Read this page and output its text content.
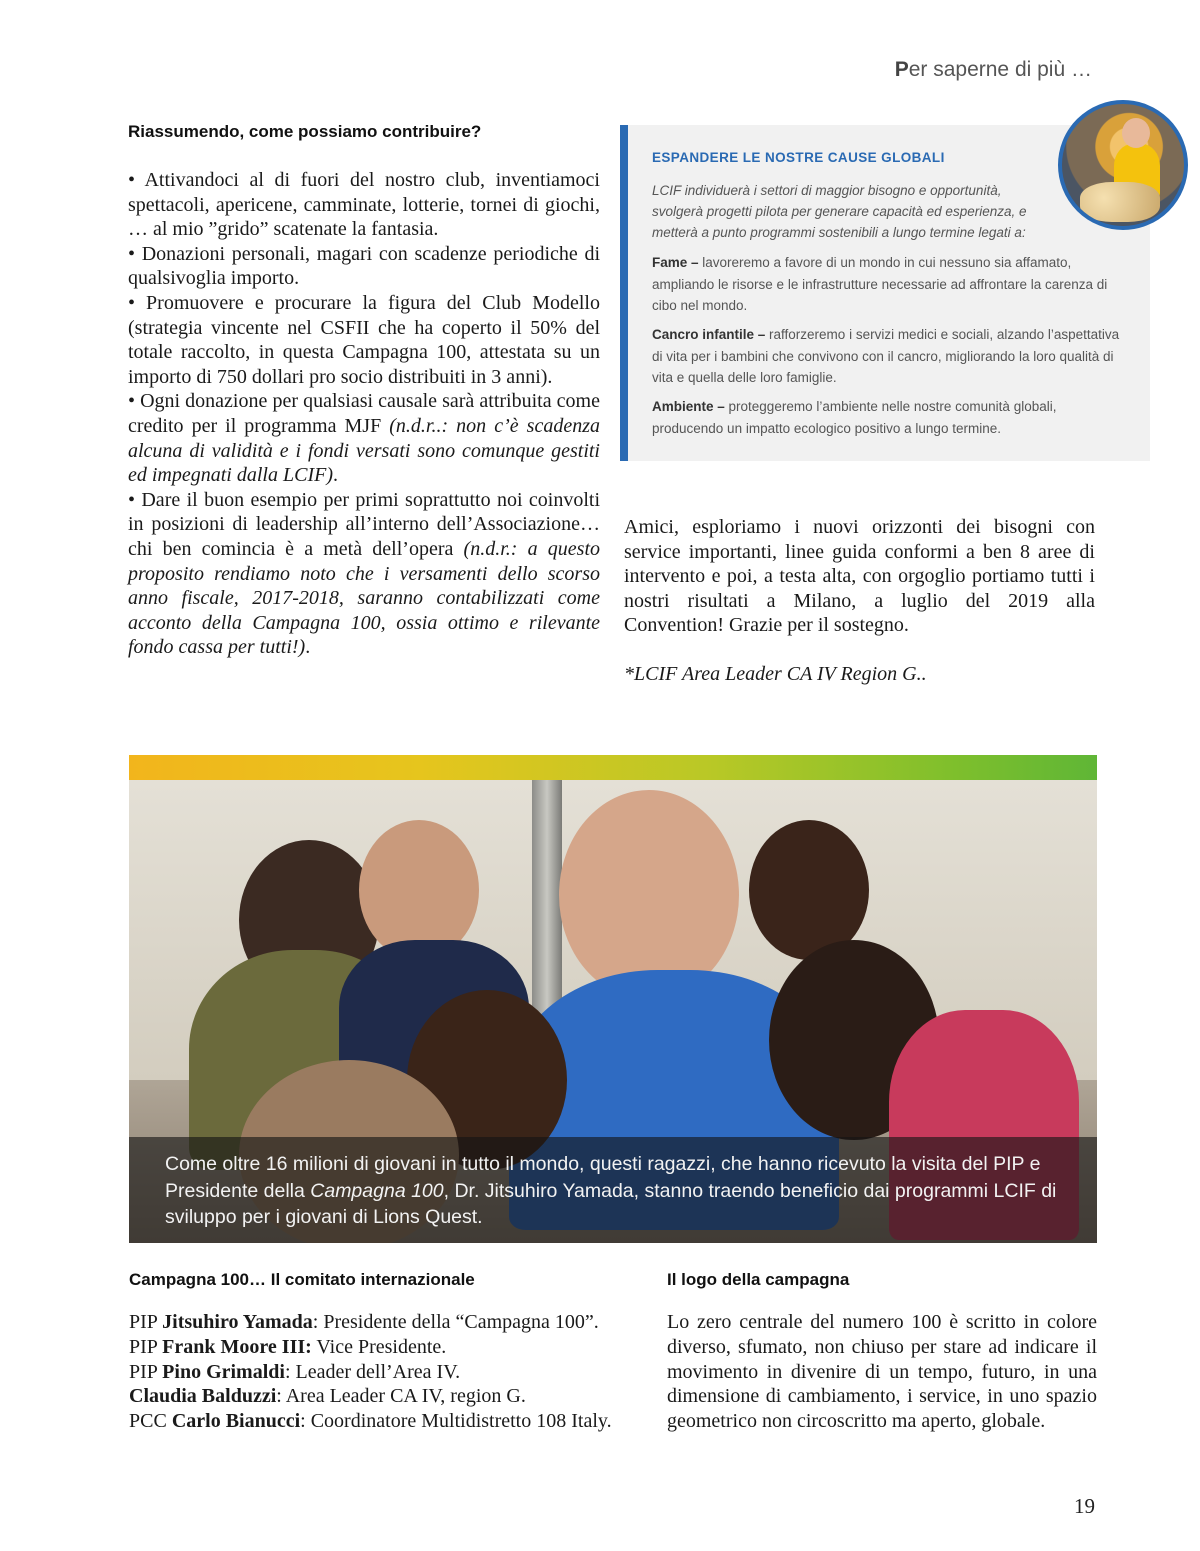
Per saperne di più …
Riassumendo, come possiamo contribuire?

• Attivandoci al di fuori del nostro club, inventiamoci spettacoli, apericene, camminate, lotterie, tornei di giochi, … al mio ”grido” scatenate la fantasia.

• Donazioni personali, magari con scadenze periodiche di qualsivoglia importo.

• Promuovere e procurare la figura del Club Modello (strategia vincente nel CSFII che ha coperto il 50% del totale raccolto, in questa Campagna 100, attestata su un importo di 750 dollari pro socio distribuiti in 3 anni).

• Ogni donazione per qualsiasi causale sarà attribuita come credito per il programma MJF (n.d.r..: non c’è scadenza alcuna di validità e i fondi versati sono comunque gestiti ed impegnati dalla LCIF).

• Dare il buon esempio per primi soprattutto noi coinvolti in posizioni di leadership all’interno dell’Associazione… chi ben comincia è a metà dell’opera (n.d.r.: a questo proposito rendiamo noto che i versamenti dello scorso anno fiscale, 2017-2018, saranno contabilizzati come acconto della Campagna 100, ossia ottimo e rilevante fondo cassa per tutti!).

ESPANDERE LE NOSTRE CAUSE GLOBALI
LCIF individuerà i settori di maggior bisogno e opportunità, svolgerà progetti pilota per generare capacità ed esperienza, e metterà a punto programmi sostenibili a lungo termine legati a:
Fame – lavoreremo a favore di un mondo in cui nessuno sia affamato, ampliando le risorse e le infrastrutture necessarie ad affrontare la carenza di cibo nel mondo.
Cancro infantile – rafforzeremo i servizi medici e sociali, alzando l’aspettativa di vita per i bambini che convivono con il cancro, migliorando la loro qualità di vita e quella delle loro famiglie.
Ambiente – proteggeremo l’ambiente nelle nostre comunità globali, producendo un impatto ecologico positivo a lungo termine.

Amici, esploriamo i nuovi orizzonti dei bisogni con service importanti, linee guida conformi a ben 8 aree di intervento e poi, a testa alta, con orgoglio portiamo tutti i nostri risultati a Milano, a luglio del 2019 alla Convention! Grazie per il sostegno.

*LCIF Area Leader CA IV Region G..

Come oltre 16 milioni di giovani in tutto il mondo, questi ragazzi, che hanno ricevuto la visita del PIP e Presidente della Campagna 100, Dr. Jitsuhiro Yamada, stanno traendo beneficio dai programmi LCIF di sviluppo per i giovani di Lions Quest.
Campagna 100… Il comitato internazionale
PIP Jitsuhiro Yamada: Presidente della “Campagna 100”.
PIP Frank Moore III: Vice Presidente.
PIP Pino Grimaldi: Leader dell’Area IV.
Claudia Balduzzi: Area Leader CA IV, region G.
PCC Carlo Bianucci: Coordinatore Multidistretto 108 Italy.
Il logo della campagna
Lo zero centrale del numero 100 è scritto in colore diverso, sfumato, non chiuso per stare ad indicare il movimento in divenire di un tempo, futuro, in una dimensione di cambiamento, i service, in uno spazio geometrico non circoscritto ma aperto, globale.
19
